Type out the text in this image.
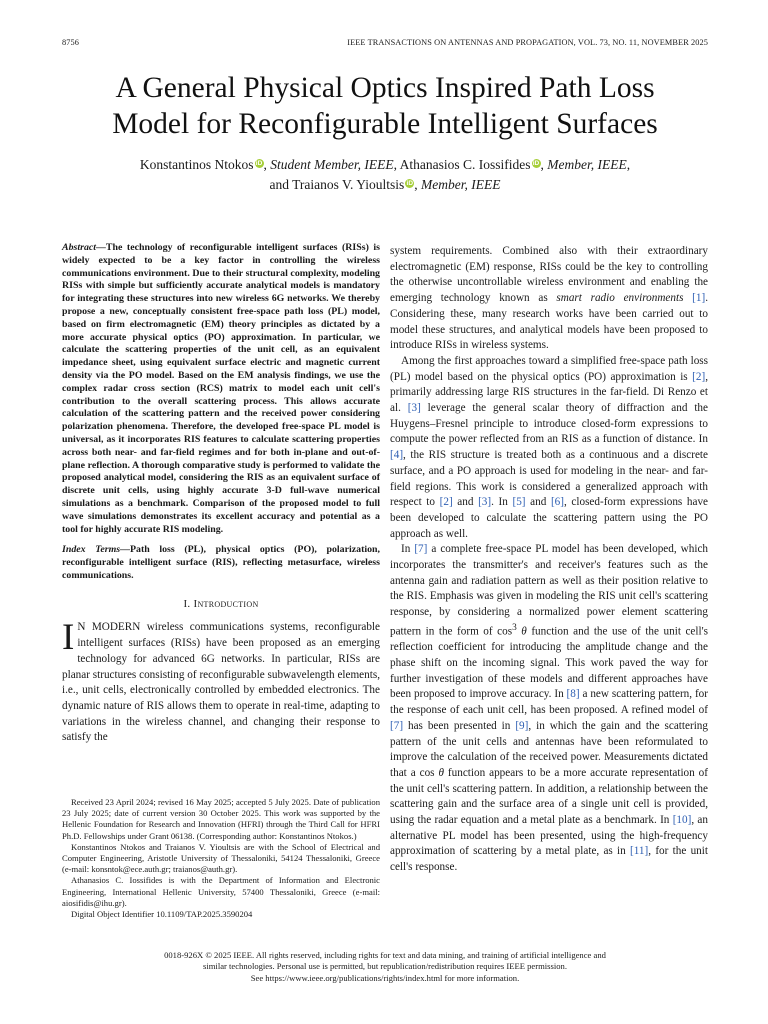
8756	IEEE TRANSACTIONS ON ANTENNAS AND PROPAGATION, VOL. 73, NO. 11, NOVEMBER 2025
A General Physical Optics Inspired Path Loss
Model for Reconfigurable Intelligent Surfaces
Konstantinos Ntokos iD, Student Member, IEEE, Athanasios C. Iossifides iD, Member, IEEE,
and Traianos V. Yioultsis iD, Member, IEEE
Abstract—The technology of reconfigurable intelligent surfaces (RISs) is widely expected to be a key factor in controlling the wireless communications environment. Due to their structural complexity, modeling RISs with simple but sufficiently accurate analytical models is mandatory for integrating these structures into new wireless 6G networks. We thereby propose a new, conceptually consistent free-space path loss (PL) model, based on firm electromagnetic (EM) theory principles as dictated by a more accurate physical optics (PO) approximation. In particular, we calculate the scattering properties of the unit cell, as an equivalent impedance sheet, using equivalent surface electric and magnetic current density via the PO model. Based on the EM analysis findings, we use the complex radar cross section (RCS) matrix to model each unit cell's contribution to the overall scattering process. This allows accurate calculation of the scattering pattern and the received power considering polarization phenomena. Therefore, the developed free-space PL model is universal, as it incorporates RIS features to calculate scattering properties across both near- and far-field regimes and for both in-plane and out-of-plane reflection. A thorough comparative study is performed to validate the proposed analytical model, considering the RIS as an equivalent surface of discrete unit cells, using highly accurate 3-D full-wave numerical simulations as a benchmark. Comparison of the proposed model to full wave simulations demonstrates its excellent accuracy and potential as a tool for highly accurate RIS modeling.
Index Terms—Path loss (PL), physical optics (PO), polarization, reconfigurable intelligent surface (RIS), reflecting metasurface, wireless communications.
I. Introduction

I N MODERN wireless communications systems, reconfigurable intelligent surfaces (RISs) have been proposed as an emerging technology for advanced 6G networks. In particular, RISs are planar structures consisting of reconfigurable subwavelength elements, i.e., unit cells, electronically controlled by embedded electronics. The dynamic nature of RIS allows them to operate in real-time, adapting to variations in the wireless channel, and changing their response to satisfy the

Received 23 April 2024; revised 16 May 2025; accepted 5 July 2025. Date of publication 23 July 2025; date of current version 30 October 2025. This work was supported by the Hellenic Foundation for Research and Innovation (HFRI) through the Third Call for HFRI Ph.D. Fellowships under Grant 06138. (Corresponding author: Konstantinos Ntokos.)

Konstantinos Ntokos and Traianos V. Yioultsis are with the School of Electrical and Computer Engineering, Aristotle University of Thessaloniki, 54124 Thessaloniki, Greece (e-mail: konsntok@ece.auth.gr; traianos@auth.gr).

Athanasios C. Iossifides is with the Department of Information and Electronic Engineering, International Hellenic University, 57400 Thessaloniki, Greece (e-mail: aiosifidis@ihu.gr).

Digital Object Identifier 10.1109/TAP.2025.3590204

system requirements. Combined also with their extraordinary electromagnetic (EM) response, RISs could be the key to controlling the otherwise uncontrollable wireless environment and enabling the emerging technology known as smart radio environments [1]. Considering these, many research works have been carried out to model these structures, and analytical models have been proposed to introduce RISs in wireless systems.

Among the first approaches toward a simplified free-space path loss (PL) model based on the physical optics (PO) approximation is [2], primarily addressing large RIS structures in the far-field. Di Renzo et al. [3] leverage the general scalar theory of diffraction and the Huygens–Fresnel principle to introduce closed-form expressions to compute the power reflected from an RIS as a function of distance. In [4], the RIS structure is treated both as a continuous and a discrete surface, and a PO approach is used for modeling in the near- and far-field regions. This work is considered a generalized approach with respect to [2] and [3]. In [5] and [6], closed-form expressions have been developed to calculate the scattering pattern using the PO approach as well.

In [7] a complete free-space PL model has been developed, which incorporates the transmitter's and receiver's features such as the antenna gain and radiation pattern as well as their position relative to the RIS. Emphasis was given in modeling the RIS unit cell's scattering response, by considering a normalized power element scattering pattern in the form of $\cos^3 \theta$ function and the use of the unit cell's reflection coefficient for introducing the amplitude change and the phase shift on the incoming signal. This work paved the way for further investigation of these models and different approaches have been proposed to improve accuracy. In [8] a new scattering pattern, for the response of each unit cell, has been proposed. A refined model of [7] has been presented in [9], in which the gain and the scattering pattern of the unit cells and antennas have been reformulated to improve the calculation of the received power. Measurements dictated that a cos θ function appears to be a more accurate representation of the unit cell's scattering pattern. In addition, a relationship between the scattering gain and the surface area of a single unit cell is provided, using the radar equation and a metal plate as a benchmark. In [10], an alternative PL model has been presented, using the high-frequency approximation of scattering by a metal plate, as in [11], for the unit cell's response.

0018-926X © 2025 IEEE. All rights reserved, including rights for text and data mining, and training of artificial intelligence and
similar technologies. Personal use is permitted, but republication/redistribution requires IEEE permission.
See https://www.ieee.org/publications/rights/index.html for more information.
